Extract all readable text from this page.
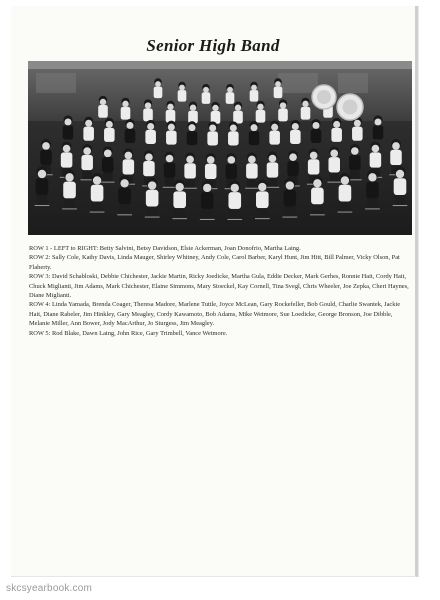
Senior High Band

ROW 1 - LEFT to RIGHT: Betty Salvini, Betsy Davidson, Elsie Ackerman, Joan Donofrio, Martha Laing.

ROW 2: Sally Cole, Kathy Davis, Linda Mauger, Shirley Whitney, Andy Cole, Carol Barber, Karyl Hunt, Jim Hitt, Bill Palmer, Vicky Olson, Pat Flaherty.

ROW 3: David Schabloski, Debbie Chichester, Jackie Martin, Ricky Joedicke, Martha Gula, Eddie Decker, Mark Gerhes, Ronnie Hait, Cordy Hait, Chuck Miglianti, Jim Adams, Mark Chichester, Elaine Simmons, Mary Stoeckel, Kay Cornell, Tina Svegl, Chris Wheeler, Joe Zepka, Cheri Haynes, Diane Miglianti.

ROW 4: Linda Yamada, Brenda Coager, Theresa Madore, Marlene Tuttle, Joyce McLean, Gary Rockefeller, Bob Gould, Charlie Swantek, Jackie Hait, Diane Rabeler, Jim Hinkley, Gary Meagley, Cordy Kawamoto, Bob Adams, Mike Wetmore, Sue Loedicke, George Bronson, Joe Dibble, Melanie Miller, Ann Bower, Jody MacArthur, Jo Sturgess, Jim Meagley.

ROW 5: Rod Blake, Dawn Laing, John Rice, Gary Trimbell, Vance Wetmore.

skcsyearbook.com
